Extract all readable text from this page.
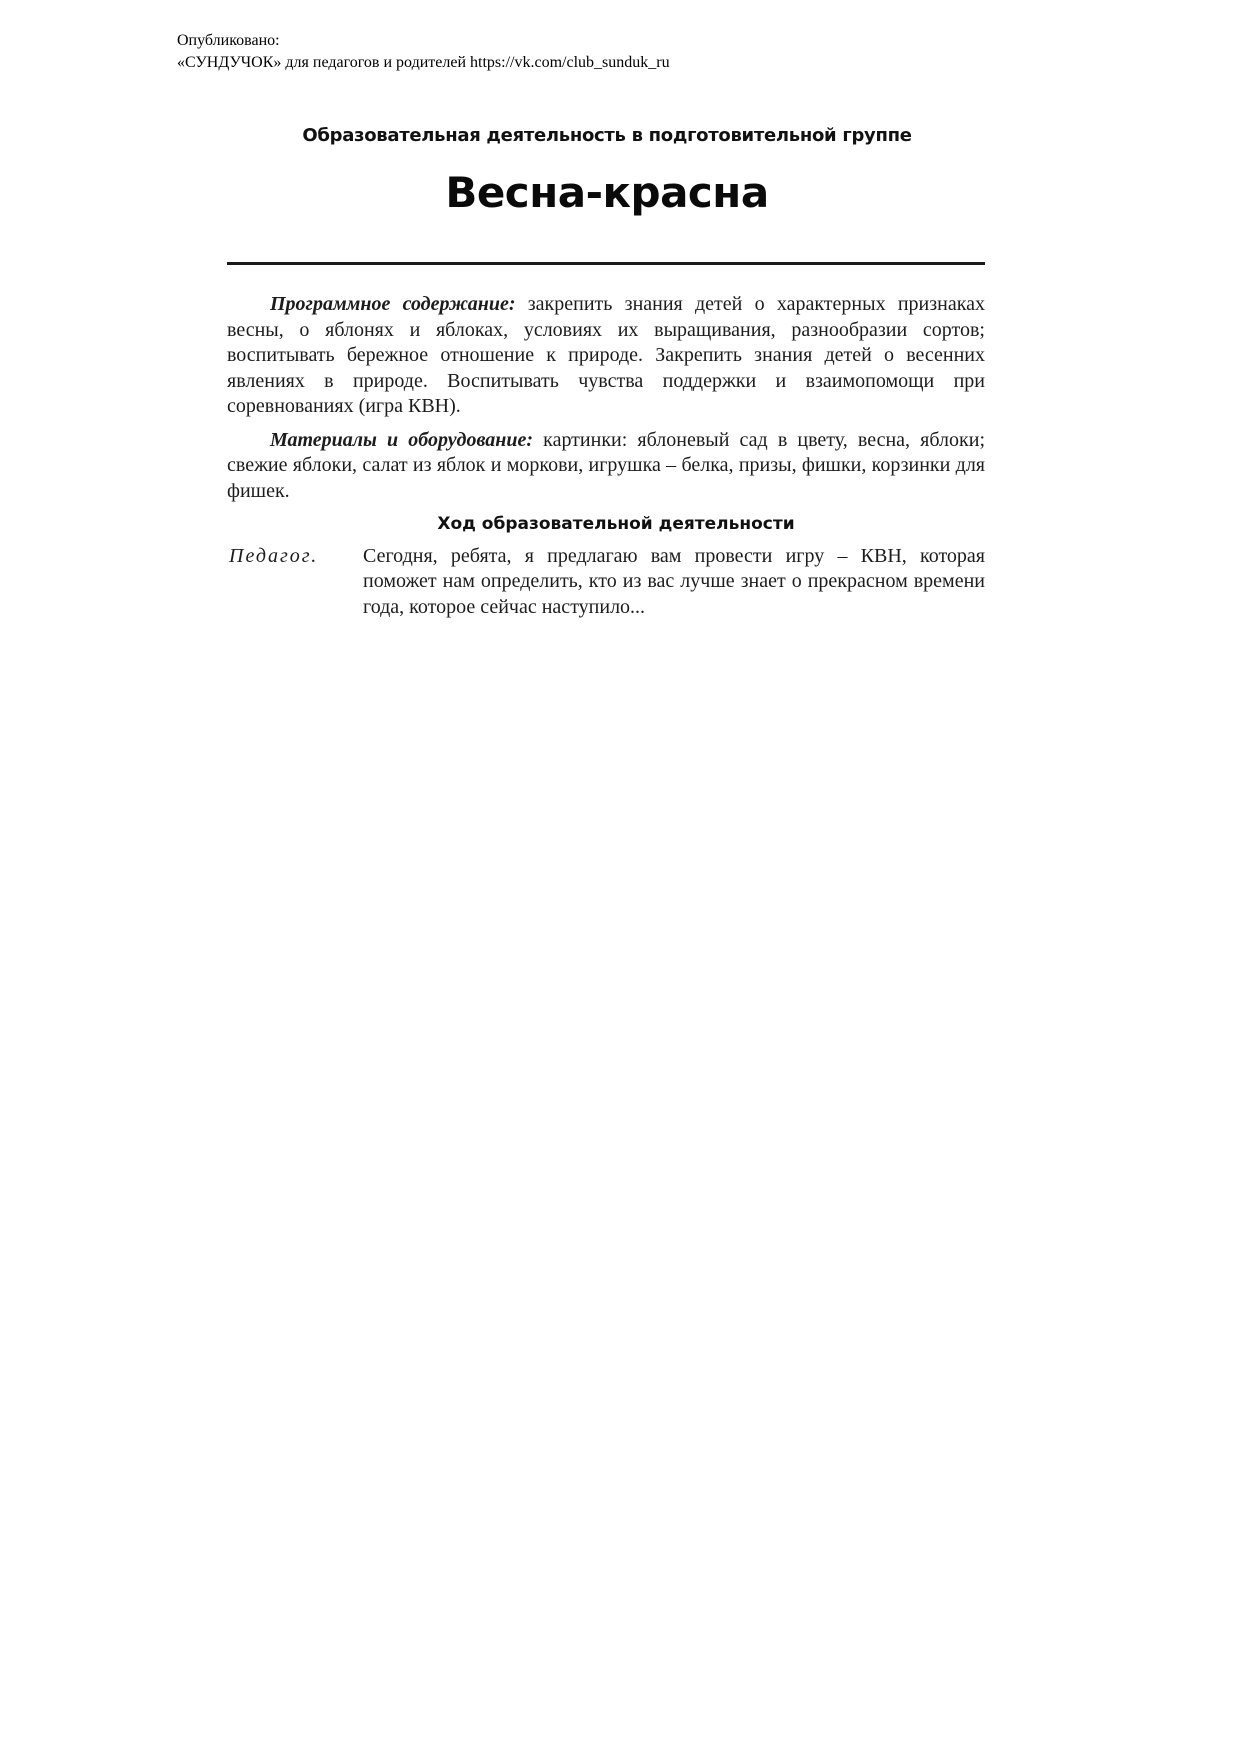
Опубликовано:
«СУНДУЧОК» для педагогов и родителей https://vk.com/club_sunduk_ru
Образовательная деятельность в подготовительной группе
Весна-красна

Программное содержание: закрепить знания детей о характерных признаках весны, о яблонях и яблоках, условиях их выращивания, разнообразии сортов; воспитывать бережное отношение к природе. Закрепить знания детей о весенних явлениях в природе. Воспитывать чувства поддержки и взаимопомощи при соревнованиях (игра КВН).

Материалы и оборудование: картинки: яблоневый сад в цвету, весна, яблоки; свежие яблоки, салат из яблок и моркови, игрушка – белка, призы, фишки, корзинки для фишек.

Ход образовательной деятельности
Педагог.	Сегодня, ребята, я предлагаю вам провести игру – КВН, которая поможет нам определить, кто из вас лучше знает о прекрасном времени года, которое сейчас наступило...
